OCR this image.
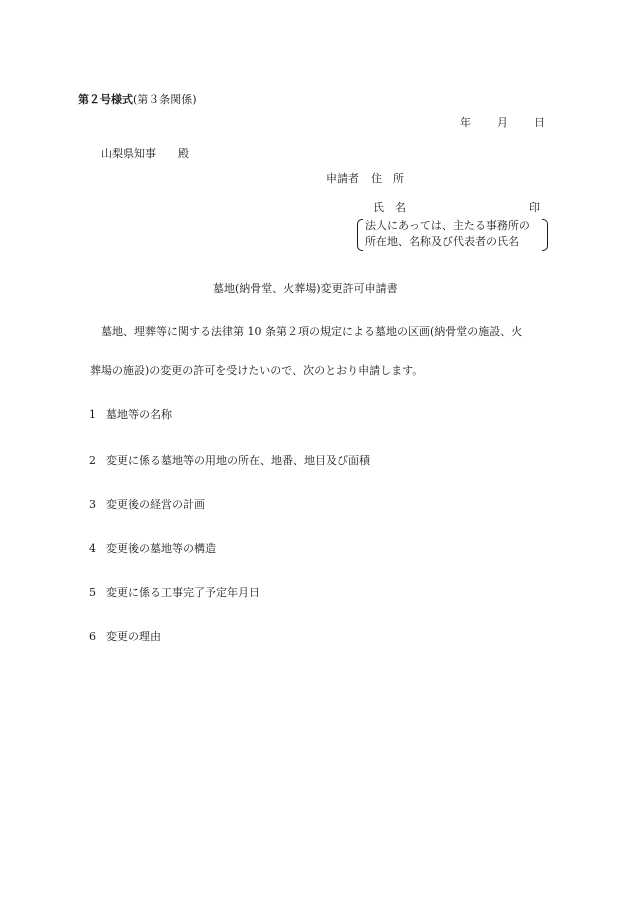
第２号様式(第３条関係)
年 月 日
山梨県知事 殿
申請者 住　所
氏　名	印
法人にあっては、主たる事務所の
所在地、名称及び代表者の氏名
墓地(納骨堂、火葬場)変更許可申請書
墓地、埋葬等に関する法律第 10 条第２項の規定による墓地の区画(納骨堂の施設、火
葬場の施設)の変更の許可を受けたいので、次のとおり申請します。
1 墓地等の名称
2 変更に係る墓地等の用地の所在、地番、地目及び面積
3 変更後の経営の計画
4 変更後の墓地等の構造
5 変更に係る工事完了予定年月日
6 変更の理由
